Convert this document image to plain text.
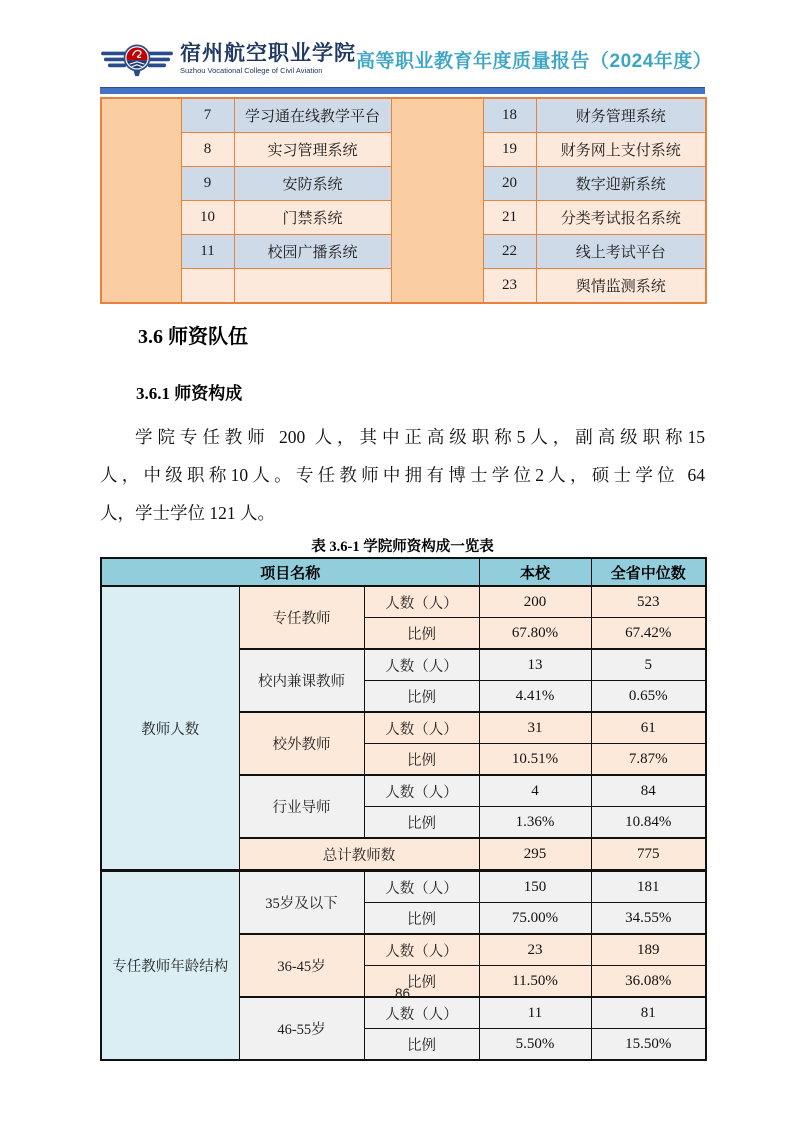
宿州航空职业学院
Suzhou Vocational College of Civil Aviation	高等职业教育年度质量报告（2024年度）
	7	学习通在线教学平台		18	财务管理系统
	8	实习管理系统		19	财务网上支付系统
	9	安防系统		20	数字迎新系统
	10	门禁系统		21	分类考试报名系统
	11	校园广播系统		22	线上考试平台
				23	舆情监测系统
3.6 师资队伍
3.6.1 师资构成
学院专任教师 200 人，其中正高级职称5人，副高级职称15
人，中级职称10人。专任教师中拥有博士学位2人，硕士学位 64
人，学士学位 121 人。
表 3.6-1 学院师资构成一览表
项目名称			本校	全省中位数
教师人数	专任教师	人数（人）	200	523
		比例	67.80%	67.42%
	校内兼课教师	人数（人）	13	5
		比例	4.41%	0.65%
	校外教师	人数（人）	31	61
		比例	10.51%	7.87%
	行业导师	人数（人）	4	84
		比例	1.36%	10.84%
	总计教师数		295	775
专任教师年龄结构	35岁及以下	人数（人）	150	181
		比例	75.00%	34.55%
	36-45岁	人数（人）	23	189
		比例	11.50%	36.08%
	46-55岁	人数（人）	11	81
		比例	5.50%	15.50%
86
